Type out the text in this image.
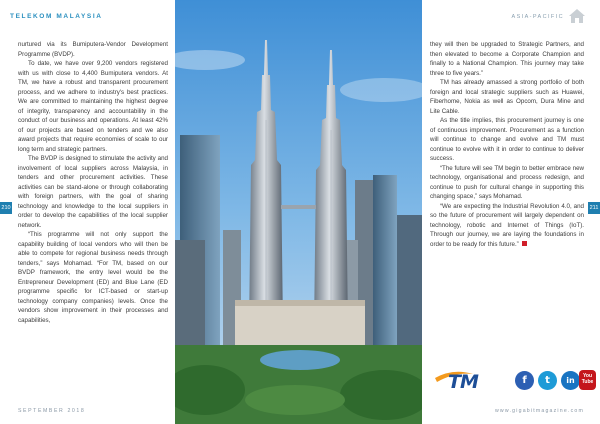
TELEKOM MALAYSIA	ASIA-PACIFIC
210	211

nurtured via its Bumiputera-Vendor Development Programme (BVDP).

To date, we have over 9,200 vendors registered with us with close to 4,400 Bumiputera vendors. At TM, we have a robust and transparent procurement process, and we adhere to industry's best practices. We are committed to maintaining the highest degree of integrity, transparency and accountability in the conduct of our business and operations. At least 42% of our projects are based on tenders and we also award projects that require economies of scale to our long term and strategic partners.

The BVDP is designed to stimulate the activity and involvement of local suppliers across Malaysia, in tenders and other procurement activities. These activities can be stand-alone or through collaborating with foreign partners, with the goal of sharing technology and knowledge to the local suppliers in order to develop the capabilities of the local supplier network.

“This programme will not only support the capability building of local vendors who will then be able to compete for regional business needs through tenders,” says Mohamad. “For TM, based on our BVDP framework, the entry level would be the Entrepreneur Development (ED) and Blue Lane (ED programme specific for ICT-based or start-up technology company companies) levels. Once the vendors show improvement in their processes and capabilities,

they will then be upgraded to Strategic Partners, and then elevated to become a Corporate Champion and finally to a National Champion. This journey may take three to five years.”

TM has already amassed a strong portfolio of both foreign and local strategic suppliers such as Huawei, Fiberhome, Nokia as well as Opcom, Dura Mine and Lite Cable.

As the title implies, this procurement journey is one of continuous improvement. Procurement as a function will continue to change and evolve and TM must continue to evolve with it in order to continue to deliver success.

“The future will see TM begin to better embrace new technology, organisational and process redesign, and continue to push for cultural change in supporting this changing space,” says Mohamad.

“We are expecting the Industrial Revolution 4.0, and so the future of procurement will largely dependent on technology, robotic and Internet of Things (IoT). Through our journey, we are laying the foundations in order to be ready for this future.”

TM	f	t	in	You Tube
SEPTEMBER 2018	www.gigabitmagazine.com
